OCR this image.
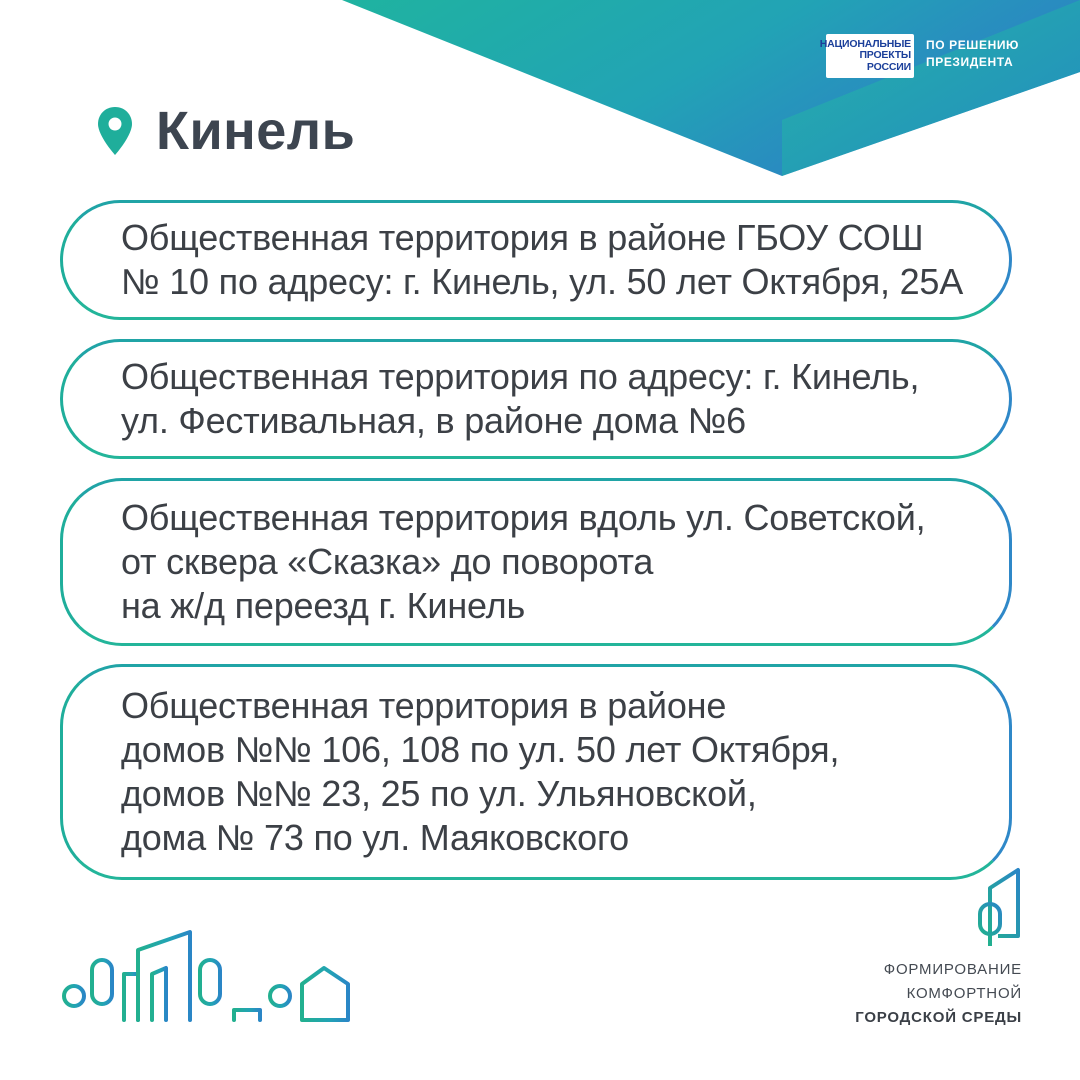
НАЦИОНАЛЬНЫЕ
ПРОЕКТЫ
РОССИИ
ПО РЕШЕНИЮ
ПРЕЗИДЕНТА
Кинель
Общественная территория в районе ГБОУ СОШ
№ 10 по адресу: г. Кинель, ул. 50 лет Октября, 25А
Общественная территория по адресу: г. Кинель,
ул. Фестивальная, в районе дома №6
Общественная территория вдоль ул. Советской,
от сквера «Сказка» до поворота
на ж/д переезд г. Кинель
Общественная территория в районе
домов №№ 106, 108 по ул. 50 лет Октября,
домов №№ 23, 25 по ул. Ульяновской,
дома № 73 по ул. Маяковского
ФОРМИРОВАНИЕ
КОМФОРТНОЙ
ГОРОДСКОЙ СРЕДЫ
